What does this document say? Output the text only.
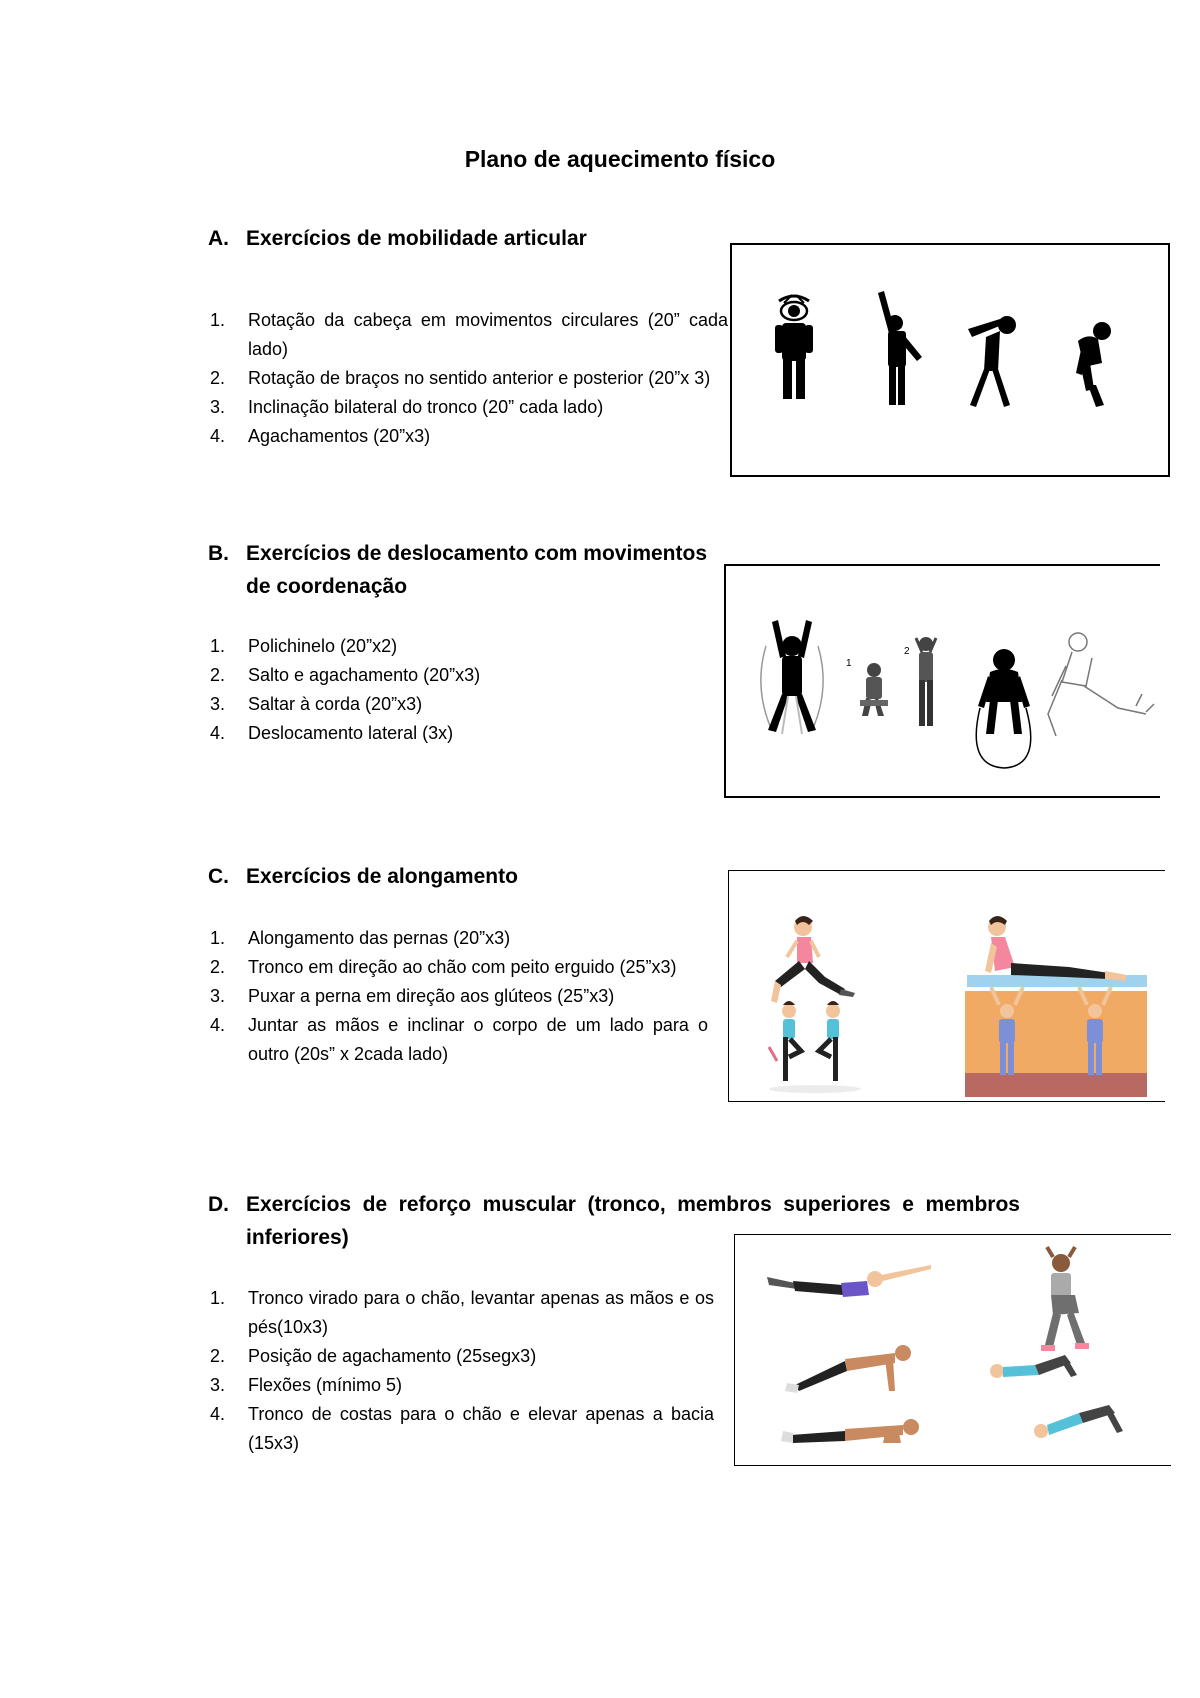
Plano de aquecimento físico
A. Exercícios de mobilidade articular
1. Rotação da cabeça em movimentos circulares (20” cada lado)
2. Rotação de braços no sentido anterior e posterior (20”x 3)
3. Inclinação bilateral do tronco (20” cada lado)
4. Agachamentos (20”x3)
B. Exercícios de deslocamento com movimentos de coordenação
1. Polichinelo (20”x2)
2. Salto e agachamento (20”x3)
3. Saltar à corda (20”x3)
4. Deslocamento lateral (3x)
1
2
C. Exercícios de alongamento
1. Alongamento das pernas (20”x3)
2. Tronco em direção ao chão com peito erguido (25”x3)
3. Puxar a perna em direção aos glúteos (25”x3)
4. Juntar as mãos e inclinar o corpo de um lado para o outro (20s” x 2cada lado)
D. Exercícios de reforço muscular (tronco, membros superiores e membros inferiores)
1. Tronco virado para o chão, levantar apenas as mãos e os pés(10x3)
2. Posição de agachamento (25segx3)
3. Flexões (mínimo 5)
4. Tronco de costas para o chão e elevar apenas a bacia (15x3)
